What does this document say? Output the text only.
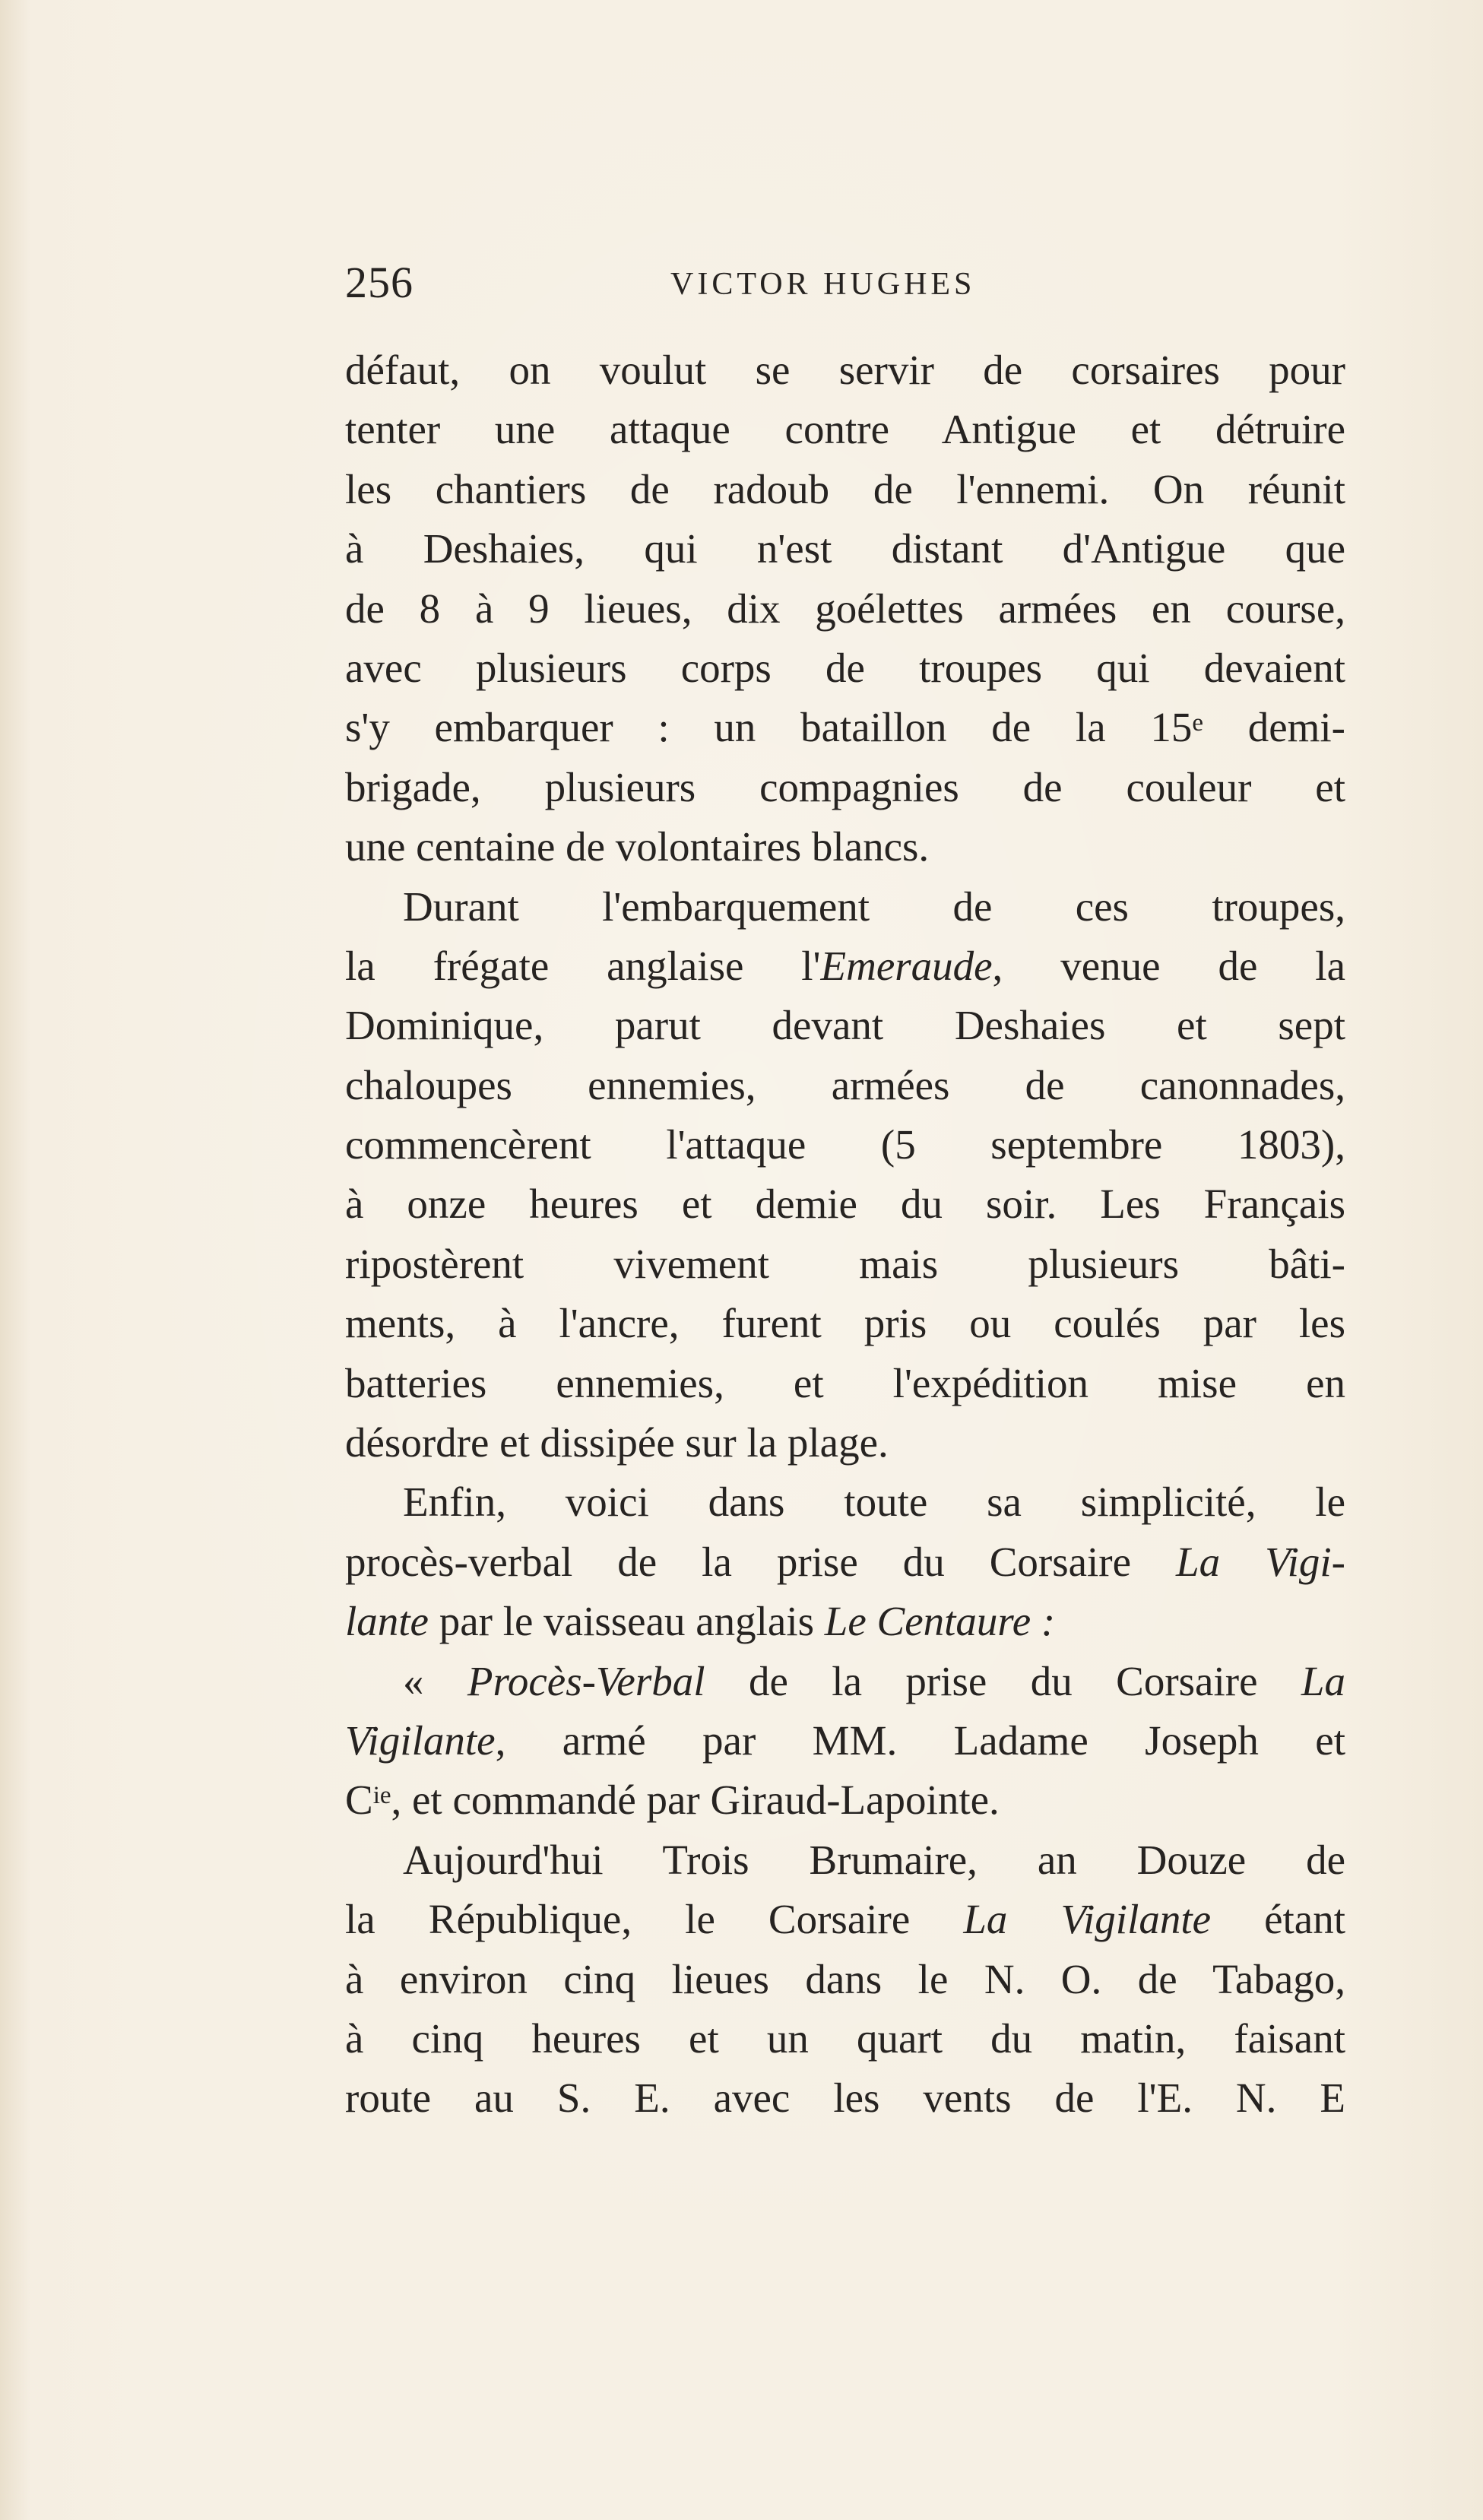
256	VICTOR HUGHES
défaut, on voulut se servir de corsaires pour
tenter une attaque contre Antigue et détruire
les chantiers de radoub de l'ennemi. On réunit
à Deshaies, qui n'est distant d'Antigue que
de 8 à 9 lieues, dix goélettes armées en course,
avec plusieurs corps de troupes qui devaient
s'y embarquer : un bataillon de la 15e demi-
brigade, plusieurs compagnies de couleur et
une centaine de volontaires blancs.
Durant l'embarquement de ces troupes,
la frégate anglaise l'Emeraude, venue de la
Dominique, parut devant Deshaies et sept
chaloupes ennemies, armées de canonnades,
commencèrent l'attaque (5 septembre 1803),
à onze heures et demie du soir. Les Français
ripostèrent vivement mais plusieurs bâti-
ments, à l'ancre, furent pris ou coulés par les
batteries ennemies, et l'expédition mise en
désordre et dissipée sur la plage.
Enfin, voici dans toute sa simplicité, le
procès-verbal de la prise du Corsaire La Vigi-
lante par le vaisseau anglais Le Centaure :
« Procès-Verbal de la prise du Corsaire La
Vigilante, armé par MM. Ladame Joseph et
$C^{ie}$, et commandé par Giraud-Lapointe.
Aujourd'hui Trois Brumaire, an Douze de
la République, le Corsaire La Vigilante étant
à environ cinq lieues dans le N. O. de Tabago,
à cinq heures et un quart du matin, faisant
route au S. E. avec les vents de l'E. N. E
